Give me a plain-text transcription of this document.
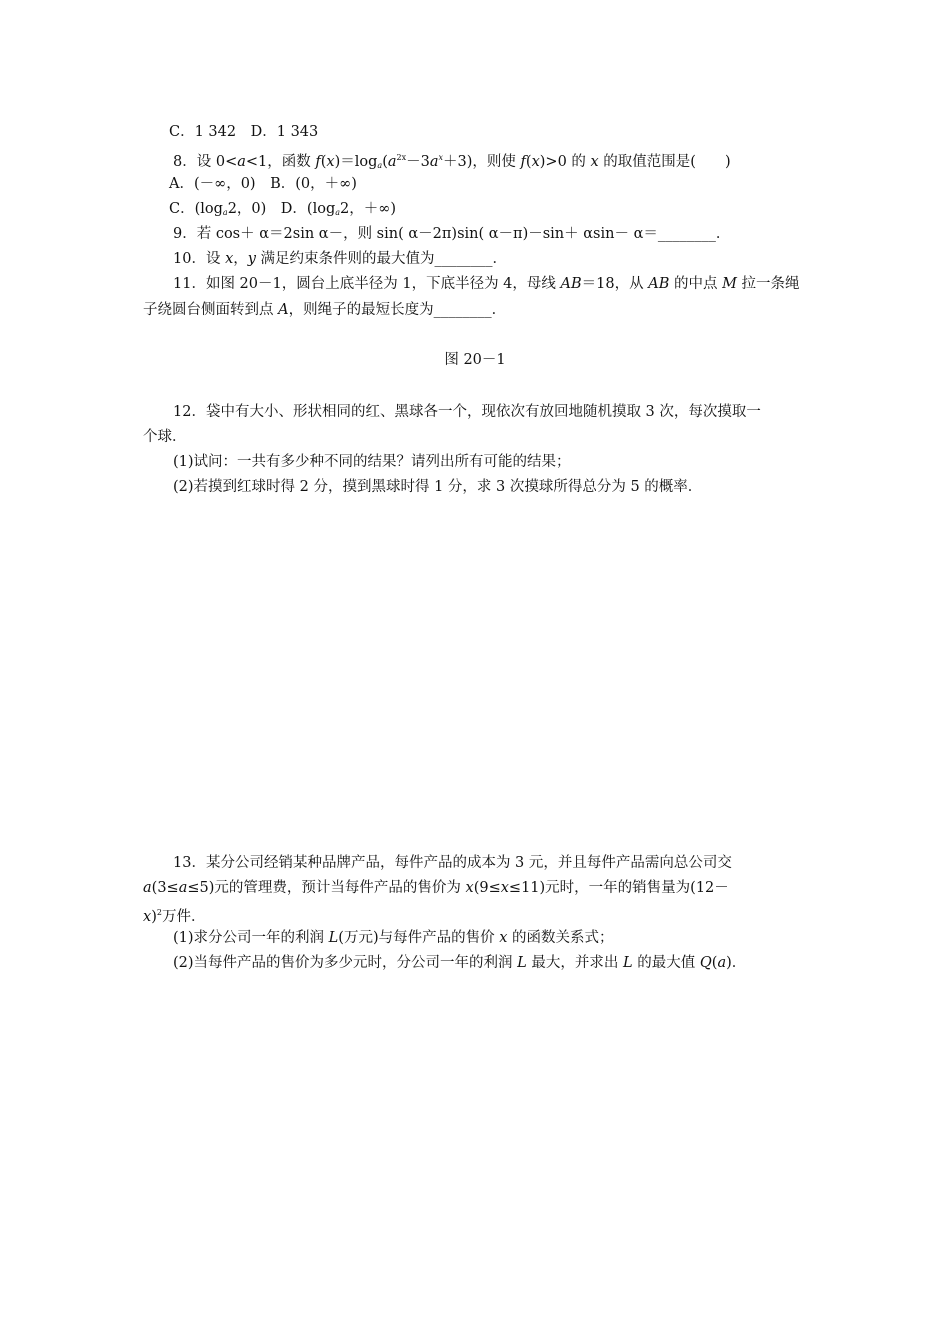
C．1 342　D．1 343
8．设 0<a<1，函数 $f(x)=\log_a(a^{2x}-3a^x+3)$，则使 f(x)>0 的 x 的取值范围是(　　)
A．(－∞，0)　B．(0，＋∞)
C．($\log_a2$，0)　D．($\log_a2$，＋∞)
9．若 cos＋ α＝2sin α－，则 sin( α－2π)sin( α－π)－sin＋ αsin－ α＝________．
10．设 x，y 满足约束条件则的最大值为________．
11．如图 20－1，圆台上底半径为 1，下底半径为 4，母线 AB＝18，从 AB 的中点 M 拉一条绳
子绕圆台侧面转到点 A，则绳子的最短长度为________．
图 20－1
12．袋中有大小、形状相同的红、黑球各一个，现依次有放回地随机摸取 3 次，每次摸取一
个球．
(1)试问：一共有多少种不同的结果？请列出所有可能的结果；
(2)若摸到红球时得 2 分，摸到黑球时得 1 分，求 3 次摸球所得总分为 5 的概率．
13．某分公司经销某种品牌产品，每件产品的成本为 3 元，并且每件产品需向总公司交
a(3≤a≤5)元的管理费，预计当每件产品的售价为 x(9≤x≤11)元时，一年的销售量为(12－
x)$^2$万件．
(1)求分公司一年的利润 L(万元)与每件产品的售价 x 的函数关系式；
(2)当每件产品的售价为多少元时，分公司一年的利润 L 最大，并求出 L 的最大值 Q(a)．
